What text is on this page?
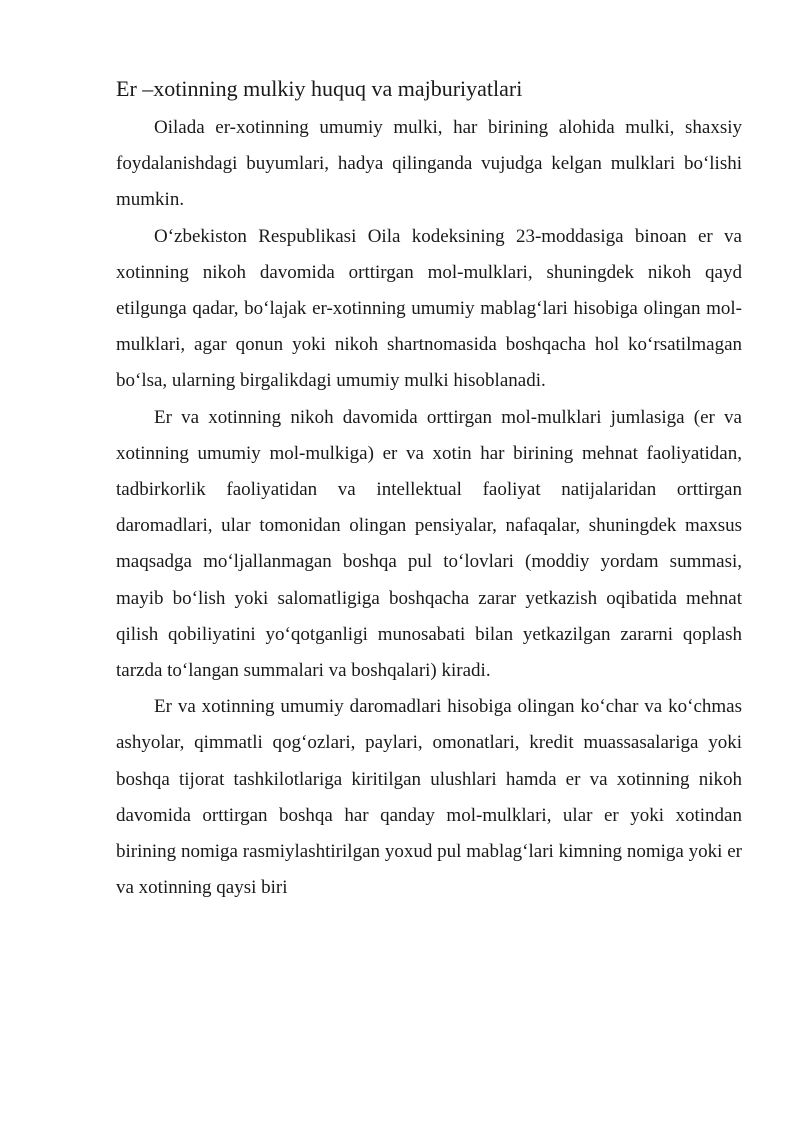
Er –xotinning mulkiy huquq va majburiyatlari

Oilada er-xotinning umumiy mulki, har birining alohida mulki, shaxsiy foydalanishdagi buyumlari, hadya qilinganda vujudga kelgan mulklari bo‘lishi mumkin.

O‘zbekiston Respublikasi Oila kodeksining 23-moddasiga binoan er va xotinning nikoh davomida orttirgan mol-mulklari, shuningdek nikoh qayd etilgunga qadar, bo‘lajak er-xotinning umumiy mablag‘lari hisobiga olingan mol-mulklari, agar qonun yoki nikoh shartnomasida boshqacha hol ko‘rsatilmagan bo‘lsa, ularning birgalikdagi umumiy mulki hisoblanadi.

Er va xotinning nikoh davomida orttirgan mol-mulklari jumlasiga (er va xotinning umumiy mol-mulkiga) er va xotin har birining mehnat faoliyatidan, tadbirkorlik faoliyatidan va intellektual faoliyat natijalaridan orttirgan daromadlari, ular tomonidan olingan pensiyalar, nafaqalar, shuningdek maxsus maqsadga mo‘ljallanmagan boshqa pul to‘lovlari (moddiy yordam summasi, mayib bo‘lish yoki salomatligiga boshqacha zarar yetkazish oqibatida mehnat qilish qobiliyatini yo‘qotganligi munosabati bilan yetkazilgan zararni qoplash tarzda to‘langan summalari va boshqalari) kiradi.

Er va xotinning umumiy daromadlari hisobiga olingan ko‘char va ko‘chmas ashyolar, qimmatli qog‘ozlari, paylari, omonatlari, kredit muassasalariga yoki boshqa tijorat tashkilotlariga kiritilgan ulushlari hamda er va xotinning nikoh davomida orttirgan boshqa har qanday mol-mulklari, ular er yoki xotindan birining nomiga rasmiylashtirilgan yoxud pul mablag‘lari kimning nomiga yoki er va xotinning qaysi biri
